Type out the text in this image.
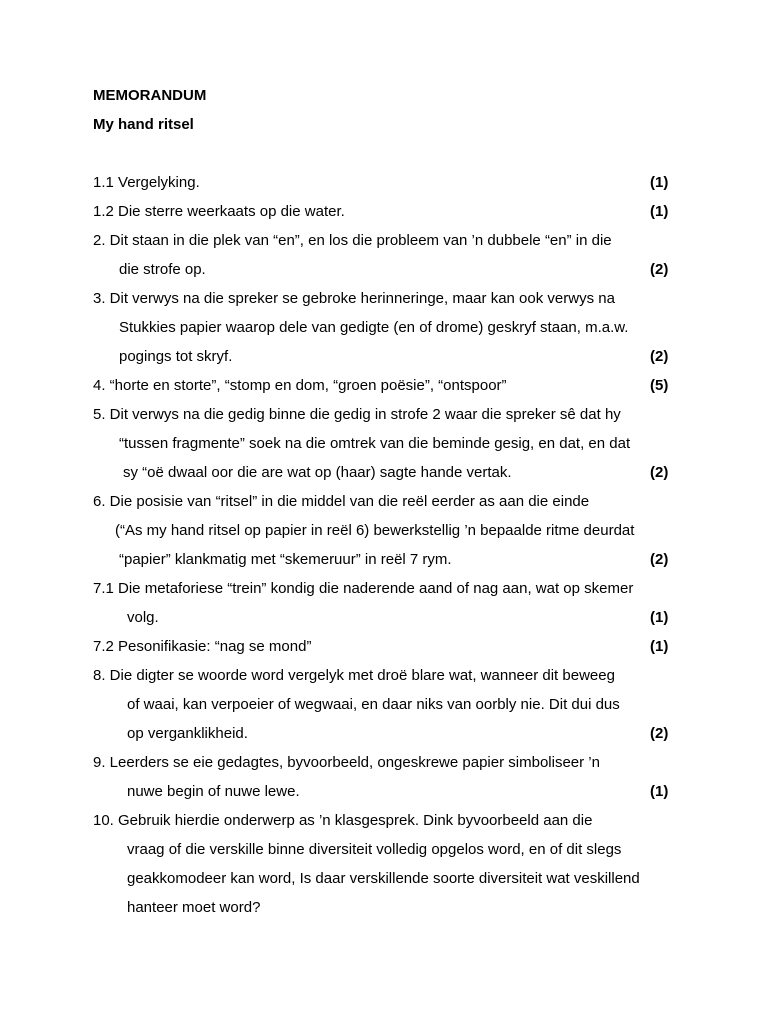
MEMORANDUM
My hand ritsel
1.1 Vergelyking.	(1)
1.2 Die sterre weerkaats op die water.	(1)
2. Dit staan in die plek van “en”, en los die probleem van ’n dubbele “en” in die
die strofe op.	(2)
3. Dit verwys na die spreker se gebroke herinneringe, maar kan ook verwys na
Stukkies papier waarop dele van gedigte (en of drome) geskryf staan, m.a.w.
pogings tot skryf.	(2)
4. “horte en storte”, “stomp en dom, “groen poësie”, “ontspoor”	(5)
5. Dit verwys na die gedig binne die gedig in strofe 2 waar die spreker sê dat hy
“tussen fragmente” soek na die omtrek van die beminde gesig, en dat, en dat
sy “oë dwaal oor die are wat op (haar) sagte hande vertak.	(2)
6. Die posisie van “ritsel” in die middel van die reël eerder as aan die einde
(“As my hand ritsel op papier in reël 6) bewerkstellig ’n bepaalde ritme deurdat
“papier” klankmatig met “skemeruur” in reël 7 rym.	(2)
7.1 Die metaforiese “trein” kondig die naderende aand of nag aan, wat op skemer
volg.	(1)
7.2 Pesonifikasie: “nag se mond”	(1)
8. Die digter se woorde word vergelyk met droë blare wat, wanneer dit beweeg
of waai, kan verpoeier of wegwaai, en daar niks van oorbly nie. Dit dui dus
op verganklikheid.	(2)
9. Leerders se eie gedagtes, byvoorbeeld, ongeskrewe papier simboliseer ’n
nuwe begin of nuwe lewe.	(1)
10. Gebruik hierdie onderwerp as ’n klasgesprek. Dink byvoorbeeld aan die
vraag of die verskille binne diversiteit volledig opgelos word, en of dit slegs
geakkomodeer kan word, Is daar verskillende soorte diversiteit wat veskillend
hanteer moet word?
